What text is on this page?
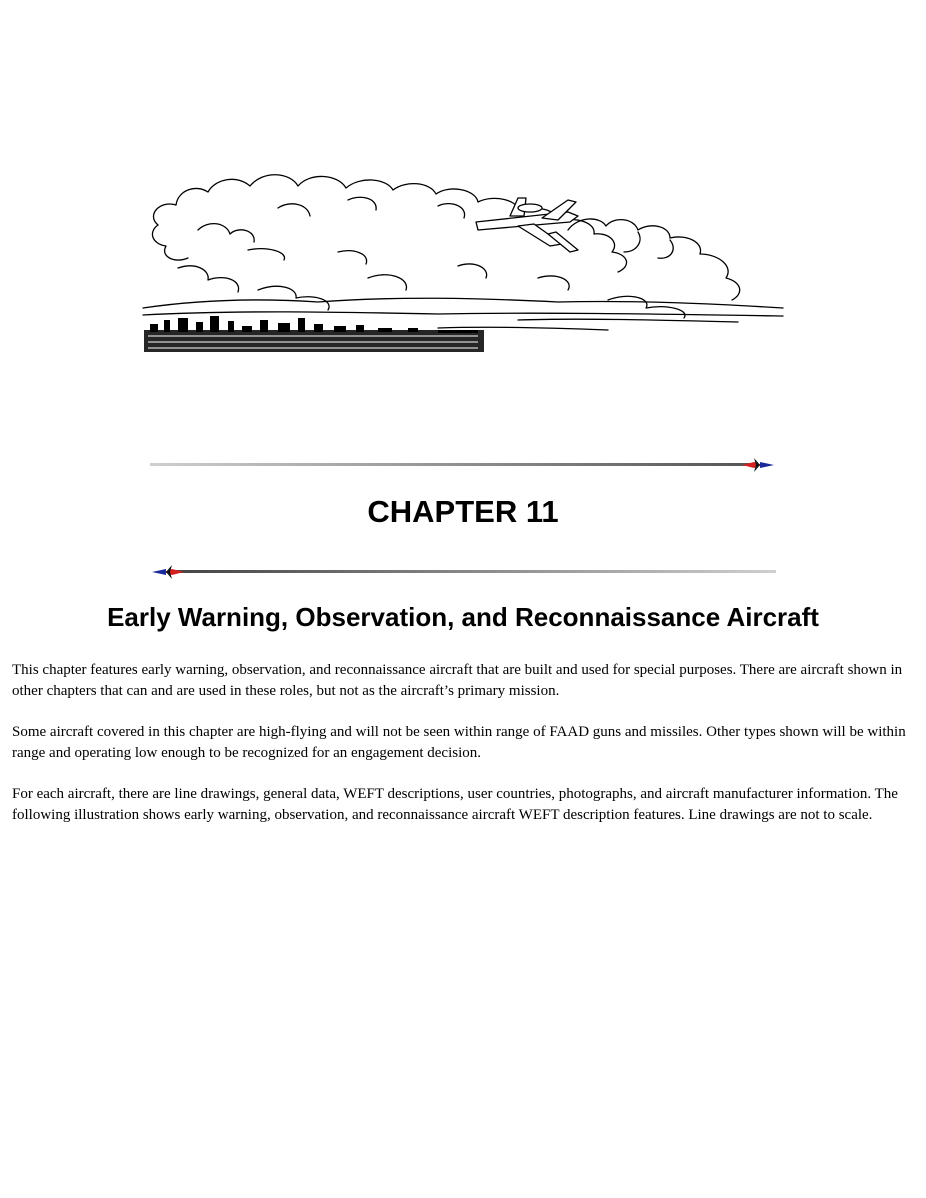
CHAPTER 11
Early Warning, Observation, and Reconnaissance Aircraft

This chapter features early warning, observation, and reconnaissance aircraft that are built and used for special purposes. There are aircraft shown in other chapters that can and are used in these roles, but not as the aircraft’s primary mission.

Some aircraft covered in this chapter are high-flying and will not be seen within range of FAAD guns and missiles. Other types shown will be within range and operating low enough to be recognized for an engagement decision.

For each aircraft, there are line drawings, general data, WEFT descriptions, user countries, photographs, and aircraft manufacturer information. The following illustration shows early warning, observation, and reconnaissance aircraft WEFT description features. Line drawings are not to scale.
